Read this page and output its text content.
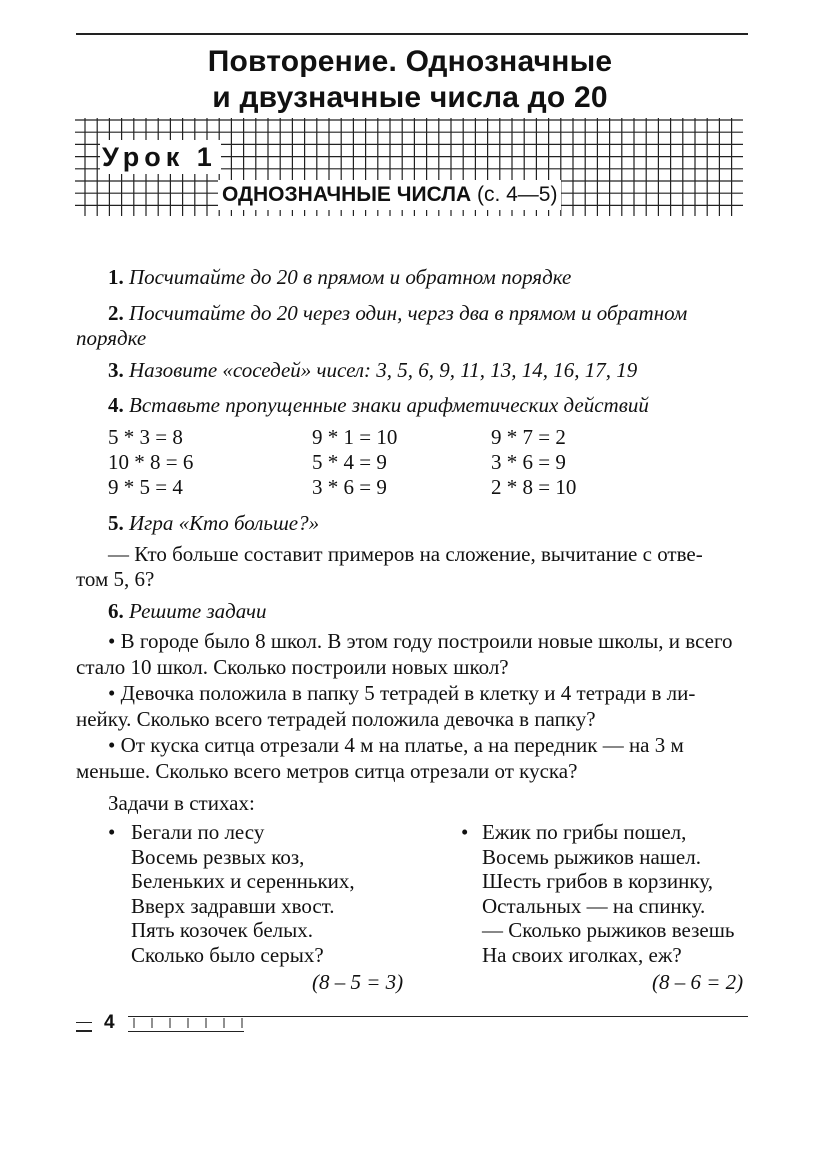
Повторение. Однозначные
и двузначные числа до 20
Урок 1
ОДНОЗНАЧНЫЕ ЧИСЛА (с. 4—5)
1. Посчитайте до 20 в прямом и обратном порядке
2. Посчитайте до 20 через один, чергз два в прямом и обратном
порядке
3. Назовите «соседей» чисел: 3, 5, 6, 9, 11, 13, 14, 16, 17, 19
4. Вставьте пропущенные знаки арифметических действий
5 * 3 = 8	9 * 1 = 10	9 * 7 = 2
10 * 8 = 6	5 * 4 = 9	3 * 6 = 9
9 * 5 = 4	3 * 6 = 9	2 * 8 = 10
5. Игра «Кто больше?»
— Кто больше составит примеров на сложение, вычитание с отве-
том 5, 6?
6. Решите задачи
• В городе было 8 школ. В этом году построили новые школы, и всего
стало 10 школ. Сколько построили новых школ?
• Девочка положила в папку 5 тетрадей в клетку и 4 тетради в ли-
нейку. Сколько всего тетрадей положила девочка в папку?
• От куска ситца отрезали 4 м на платье, а на передник — на 3 м
меньше. Сколько всего метров ситца отрезали от куска?
Задачи в стихах:
• Бегали по лесу
Восемь резвых коз,
Беленьких и серенньких,
Вверх задравши хвост.
Пять козочек белых.
Сколько было серых?
(8 – 5 = 3)
• Ежик по грибы пошел,
Восемь рыжиков нашел.
Шесть грибов в корзинку,
Остальных — на спинку.
— Сколько рыжиков везешь
На своих иголках, еж?
(8 – 6 = 2)
4
